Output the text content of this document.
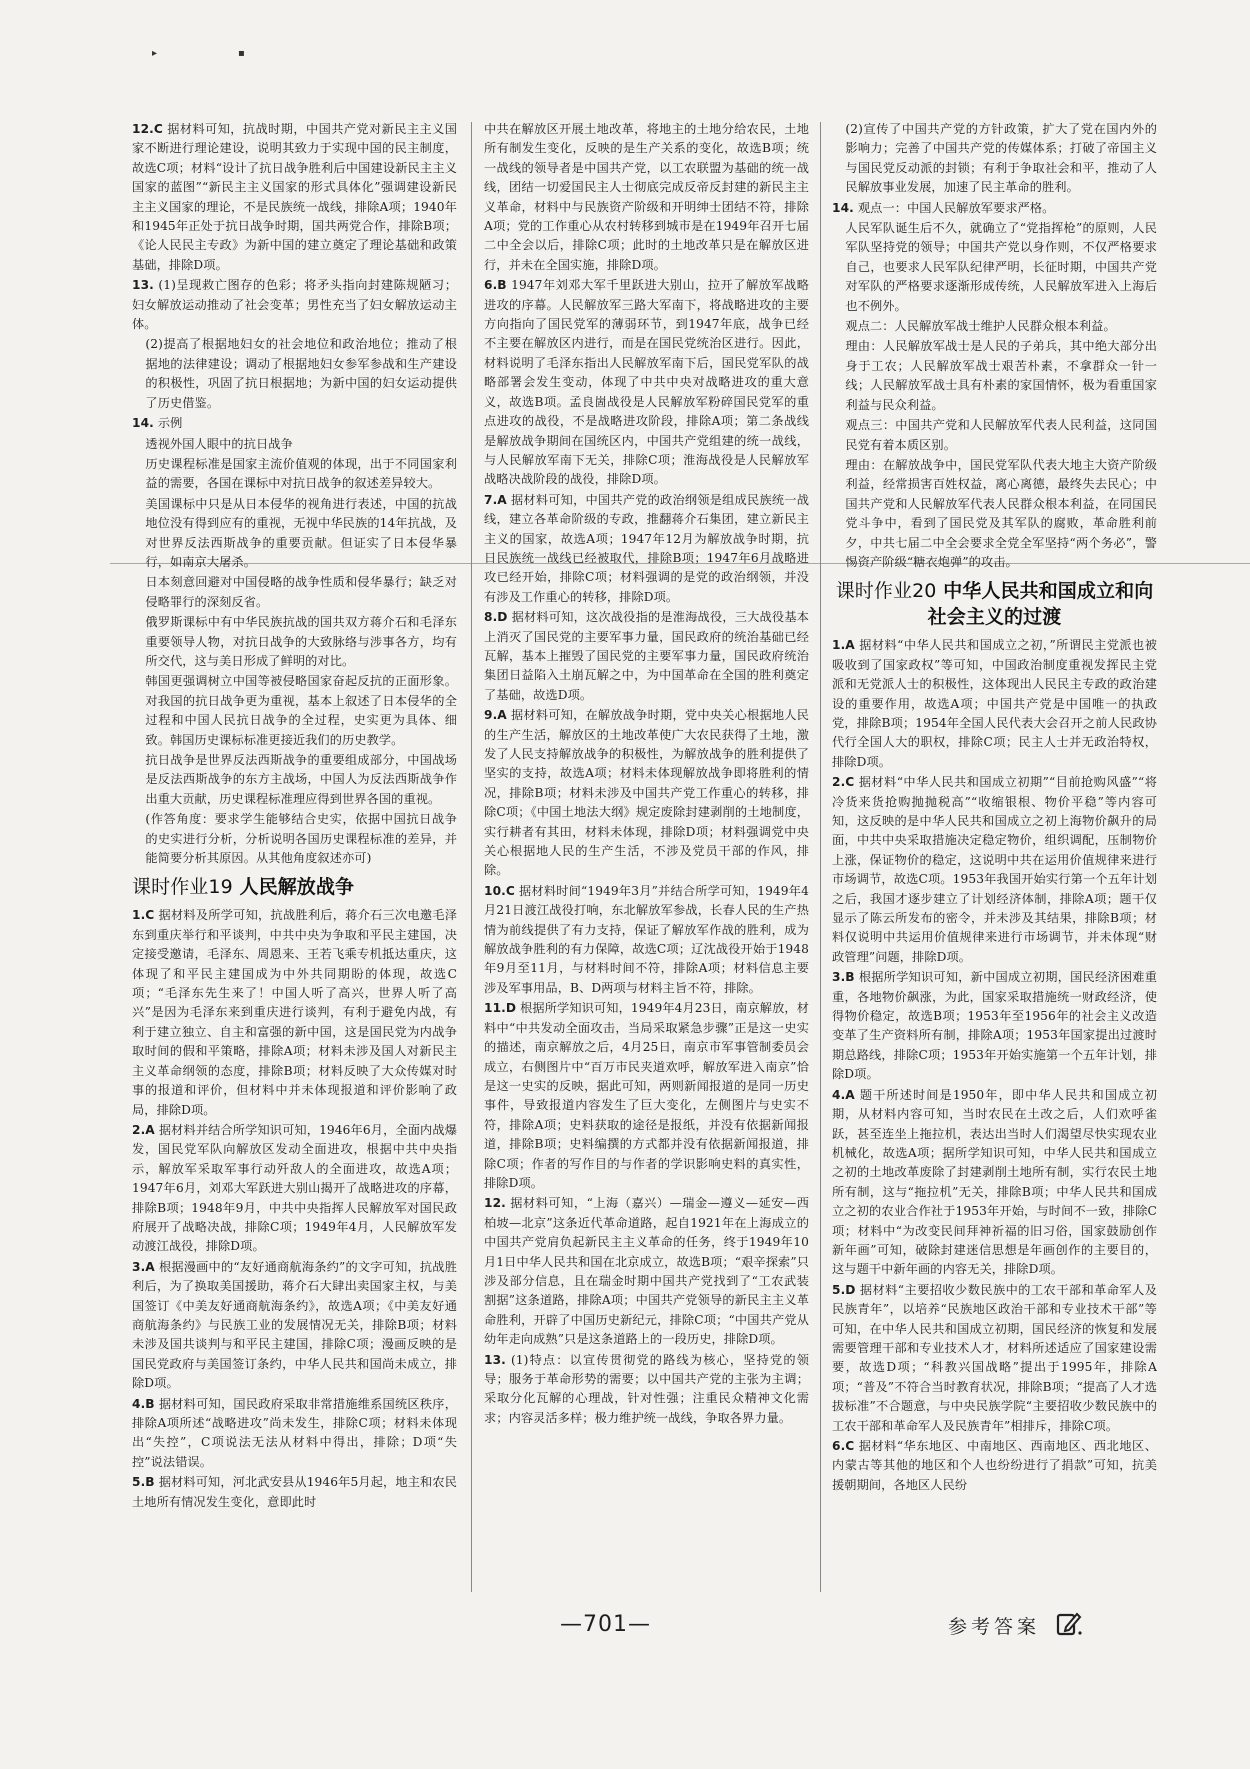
▸	▪

12.C 据材料可知，抗战时期，中国共产党对新民主主义国家不断进行理论建设，说明其致力于实现中国的民主制度，故选C项；材料“设计了抗日战争胜利后中国建设新民主主义国家的蓝图”“新民主主义国家的形式具体化”强调建设新民主主义国家的理论，不是民族统一战线，排除A项；1940年和1945年正处于抗日战争时期，国共两党合作，排除B项；《论人民民主专政》为新中国的建立奠定了理论基础和政策基础，排除D项。

13. (1)呈现救亡图存的色彩；将矛头指向封建陈规陋习；妇女解放运动推动了社会变革；男性充当了妇女解放运动主体。

(2)提高了根据地妇女的社会地位和政治地位；推动了根据地的法律建设；调动了根据地妇女参军参战和生产建设的积极性，巩固了抗日根据地；为新中国的妇女运动提供了历史借鉴。

14. 示例

透视外国人眼中的抗日战争

历史课程标准是国家主流价值观的体现，出于不同国家利益的需要，各国在课标中对抗日战争的叙述差异较大。

美国课标中只是从日本侵华的视角进行表述，中国的抗战地位没有得到应有的重视，无视中华民族的14年抗战，及对世界反法西斯战争的重要贡献。但证实了日本侵华暴行，如南京大屠杀。

日本刻意回避对中国侵略的战争性质和侵华暴行；缺乏对侵略罪行的深刻反省。

俄罗斯课标中有中华民族抗战的国共双方蒋介石和毛泽东重要领导人物，对抗日战争的大致脉络与涉事各方，均有所交代，这与美日形成了鲜明的对比。

韩国更强调树立中国等被侵略国家奋起反抗的正面形象。对我国的抗日战争更为重视，基本上叙述了日本侵华的全过程和中国人民抗日战争的全过程，史实更为具体、细致。韩国历史课标标准更接近我们的历史教学。

抗日战争是世界反法西斯战争的重要组成部分，中国战场是反法西斯战争的东方主战场，中国人为反法西斯战争作出重大贡献，历史课程标准理应得到世界各国的重视。

(作答角度：要求学生能够结合史实，依据中国抗日战争的史实进行分析，分析说明各国历史课程标准的差异，并能简要分析其原因。从其他角度叙述亦可)

课时作业19 人民解放战争

1.C 据材料及所学可知，抗战胜利后，蒋介石三次电邀毛泽东到重庆举行和平谈判，中共中央为争取和平民主建国，决定接受邀请，毛泽东、周恩来、王若飞乘专机抵达重庆，这体现了和平民主建国成为中外共同期盼的体现，故选C项；“毛泽东先生来了！中国人听了高兴，世界人听了高兴”是因为毛泽东来到重庆进行谈判，有利于避免内战，有利于建立独立、自主和富强的新中国，这是国民党为内战争取时间的假和平策略，排除A项；材料未涉及国人对新民主主义革命纲领的态度，排除B项；材料反映了大众传媒对时事的报道和评价，但材料中并未体现报道和评价影响了政局，排除D项。

2.A 据材料并结合所学知识可知，1946年6月，全面内战爆发，国民党军队向解放区发动全面进攻，根据中共中央指示，解放军采取军事行动歼敌人的全面进攻，故选A项；1947年6月，刘邓大军跃进大别山揭开了战略进攻的序幕，排除B项；1948年9月，中共中央指挥人民解放军对国民政府展开了战略决战，排除C项；1949年4月，人民解放军发动渡江战役，排除D项。

3.A 根据漫画中的“友好通商航海条约”的文字可知，抗战胜利后，为了换取美国援助，蒋介石大肆出卖国家主权，与美国签订《中美友好通商航海条约》，故选A项；《中美友好通商航海条约》与民族工业的发展情况无关，排除B项；材料未涉及国共谈判与和平民主建国，排除C项；漫画反映的是国民党政府与美国签订条约，中华人民共和国尚未成立，排除D项。

4.B 据材料可知，国民政府采取非常措施维系国统区秩序，排除A项所述“战略进攻”尚未发生，排除C项；材料未体现出“失控”，C项说法无法从材料中得出，排除；D项“失控”说法错误。

5.B 据材料可知，河北武安县从1946年5月起，地主和农民土地所有情况发生变化，意即此时

中共在解放区开展土地改革，将地主的土地分给农民，土地所有制发生变化，反映的是生产关系的变化，故选B项；统一战线的领导者是中国共产党，以工农联盟为基础的统一战线，团结一切爱国民主人士彻底完成反帝反封建的新民主主义革命，材料中与民族资产阶级和开明绅士团结不符，排除A项；党的工作重心从农村转移到城市是在1949年召开七届二中全会以后，排除C项；此时的土地改革只是在解放区进行，并未在全国实施，排除D项。

6.B 1947年刘邓大军千里跃进大别山，拉开了解放军战略进攻的序幕。人民解放军三路大军南下，将战略进攻的主要方向指向了国民党军的薄弱环节，到1947年底，战争已经不主要在解放区内进行，而是在国民党统治区进行。因此，材料说明了毛泽东指出人民解放军南下后，国民党军队的战略部署会发生变动，体现了中共中央对战略进攻的重大意义，故选B项。孟良崮战役是人民解放军粉碎国民党军的重点进攻的战役，不是战略进攻阶段，排除A项；第二条战线是解放战争期间在国统区内，中国共产党组建的统一战线，与人民解放军南下无关，排除C项；淮海战役是人民解放军战略决战阶段的战役，排除D项。

7.A 据材料可知，中国共产党的政治纲领是组成民族统一战线，建立各革命阶级的专政，推翻蒋介石集团，建立新民主主义的国家，故选A项；1947年12月为解放战争时期，抗日民族统一战线已经被取代，排除B项；1947年6月战略进攻已经开始，排除C项；材料强调的是党的政治纲领，并没有涉及工作重心的转移，排除D项。

8.D 据材料可知，这次战役指的是淮海战役，三大战役基本上消灭了国民党的主要军事力量，国民政府的统治基础已经瓦解，基本上摧毁了国民党的主要军事力量，国民政府统治集团日益陷入土崩瓦解之中，为中国革命在全国的胜利奠定了基础，故选D项。

9.A 据材料可知，在解放战争时期，党中央关心根据地人民的生产生活，解放区的土地改革使广大农民获得了土地，激发了人民支持解放战争的积极性，为解放战争的胜利提供了坚实的支持，故选A项；材料未体现解放战争即将胜利的情况，排除B项；材料未涉及中国共产党工作重心的转移，排除C项；《中国土地法大纲》规定废除封建剥削的土地制度，实行耕者有其田，材料未体现，排除D项；材料强调党中央关心根据地人民的生产生活，不涉及党员干部的作风，排除。

10.C 据材料时间“1949年3月”并结合所学可知，1949年4月21日渡江战役打响，东北解放军参战，长春人民的生产热情为前线提供了有力支持，保证了解放军作战的胜利，成为解放战争胜利的有力保障，故选C项；辽沈战役开始于1948年9月至11月，与材料时间不符，排除A项；材料信息主要涉及军事用品，B、D两项与材料主旨不符，排除。

11.D 根据所学知识可知，1949年4月23日，南京解放，材料中“中共发动全面攻击，当局采取紧急步骤”正是这一史实的描述，南京解放之后，4月25日，南京市军事管制委员会成立，右侧图片中“百万市民夹道欢呼，解放军进入南京”恰是这一史实的反映，据此可知，两则新闻报道的是同一历史事件，导致报道内容发生了巨大变化，左侧图片与史实不符，排除A项；史料获取的途径是报纸，并没有依据新闻报道，排除B项；史料编撰的方式都并没有依据新闻报道，排除C项；作者的写作目的与作者的学识影响史料的真实性，排除D项。

12. 据材料可知，“上海（嘉兴）—瑞金—遵义—延安—西柏坡—北京”这条近代革命道路，起自1921年在上海成立的中国共产党肩负起新民主主义革命的任务，终于1949年10月1日中华人民共和国在北京成立，故选B项；“艰辛探索”只涉及部分信息，且在瑞金时期中国共产党找到了“工农武装割据”这条道路，排除A项；中国共产党领导的新民主主义革命胜利，开辟了中国历史新纪元，排除C项；“中国共产党从幼年走向成熟”只是这条道路上的一段历史，排除D项。

13. (1)特点：以宣传贯彻党的路线为核心，坚持党的领导；服务于革命形势的需要；以中国共产党的主张为主调；采取分化瓦解的心理战，针对性强；注重民众精神文化需求；内容灵活多样；极力维护统一战线，争取各界力量。

(2)宣传了中国共产党的方针政策，扩大了党在国内外的影响力；完善了中国共产党的传媒体系；打破了帝国主义与国民党反动派的封锁；有利于争取社会和平，推动了人民解放事业发展，加速了民主革命的胜利。

14. 观点一：中国人民解放军要求严格。

人民军队诞生后不久，就确立了“党指挥枪”的原则，人民军队坚持党的领导；中国共产党以身作则，不仅严格要求自己，也要求人民军队纪律严明，长征时期，中国共产党对军队的严格要求逐渐形成传统，人民解放军进入上海后也不例外。

观点二：人民解放军战士维护人民群众根本利益。

理由：人民解放军战士是人民的子弟兵，其中绝大部分出身于工农；人民解放军战士艰苦朴素，不拿群众一针一线；人民解放军战士具有朴素的家国情怀，极为看重国家利益与民众利益。

观点三：中国共产党和人民解放军代表人民利益，这同国民党有着本质区别。

理由：在解放战争中，国民党军队代表大地主大资产阶级利益，经常损害百姓权益，离心离德，最终失去民心；中国共产党和人民解放军代表人民群众根本利益，在同国民党斗争中，看到了国民党及其军队的腐败，革命胜利前夕，中共七届二中全会要求全党全军坚持“两个务必”，警惕资产阶级“糖衣炮弹”的攻击。

课时作业20 中华人民共和国成立和向社会主义的过渡

1.A 据材料“中华人民共和国成立之初，”所谓民主党派也被吸收到了国家政权”等可知，中国政治制度重视发挥民主党派和无党派人士的积极性，这体现出人民民主专政的政治建设的重要作用，故选A项；中国共产党是中国唯一的执政党，排除B项；1954年全国人民代表大会召开之前人民政协代行全国人大的职权，排除C项；民主人士并无政治特权，排除D项。

2.C 据材料“中华人民共和国成立初期”“目前抢购风盛”“将冷货来货抢购抛抛税高”“收缩银根、物价平稳”等内容可知，这反映的是中华人民共和国成立之初上海物价飙升的局面，中共中央采取措施决定稳定物价，组织调配，压制物价上涨，保证物价的稳定，这说明中共在运用价值规律来进行市场调节，故选C项。1953年我国开始实行第一个五年计划之后，我国才逐步建立了计划经济体制，排除A项；题干仅显示了陈云所发布的密令，并未涉及其结果，排除B项；材料仅说明中共运用价值规律来进行市场调节，并未体现“财政管理”问题，排除D项。

3.B 根据所学知识可知，新中国成立初期，国民经济困难重重，各地物价飙涨，为此，国家采取措施统一财政经济，使得物价稳定，故选B项；1953年至1956年的社会主义改造变革了生产资料所有制，排除A项；1953年国家提出过渡时期总路线，排除C项；1953年开始实施第一个五年计划，排除D项。

4.A 题干所述时间是1950年，即中华人民共和国成立初期，从材料内容可知，当时农民在土改之后，人们欢呼雀跃，甚至连坐上拖拉机，表达出当时人们渴望尽快实现农业机械化，故选A项；据所学知识可知，中华人民共和国成立之初的土地改革废除了封建剥削土地所有制，实行农民土地所有制，这与“拖拉机”无关，排除B项；中华人民共和国成立之初的农业合作社于1953年开始，与时间不一致，排除C项；材料中“为改变民间拜神祈福的旧习俗，国家鼓励创作新年画”可知，破除封建迷信思想是年画创作的主要目的，这与题干中新年画的内容无关，排除D项。

5.D 据材料“主要招收少数民族中的工农干部和革命军人及民族青年”，以培养“民族地区政治干部和专业技术干部”等可知，在中华人民共和国成立初期，国民经济的恢复和发展需要管理干部和专业技术人才，材料所述适应了国家建设需要，故选D项；“科教兴国战略”提出于1995年，排除A项；“普及”不符合当时教育状况，排除B项；“提高了人才选拔标准”不合题意，与中央民族学院“主要招收少数民族中的工农干部和革命军人及民族青年”相排斥，排除C项。

6.C 据材料“华东地区、中南地区、西南地区、西北地区、内蒙古等其他的地区和个人也纷纷进行了捐款”可知，抗美援朝期间，各地区人民纷

—701—	参考答案
